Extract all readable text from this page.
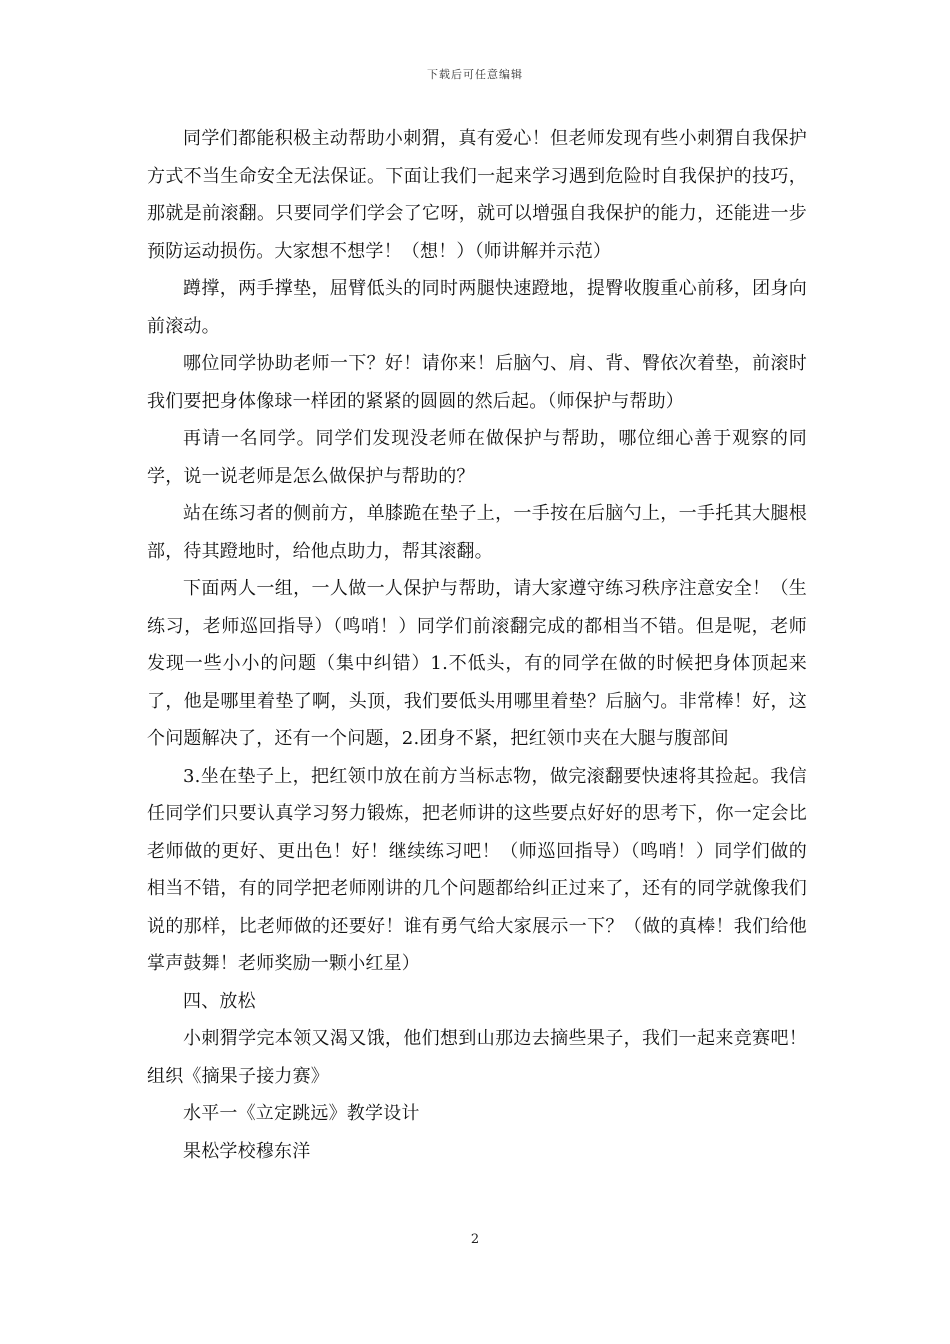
下载后可任意编辑

同学们都能积极主动帮助小刺猬，真有爱心！但老师发现有些小刺猬自我保护方式不当生命安全无法保证。下面让我们一起来学习遇到危险时自我保护的技巧，那就是前滚翻。只要同学们学会了它呀，就可以增强自我保护的能力，还能进一步预防运动损伤。大家想不想学！（想！）（师讲解并示范）

蹲撑，两手撑垫，屈臂低头的同时两腿快速蹬地，提臀收腹重心前移，团身向前滚动。

哪位同学协助老师一下？好！请你来！后脑勺、肩、背、臀依次着垫，前滚时我们要把身体像球一样团的紧紧的圆圆的然后起。（师保护与帮助）

再请一名同学。同学们发现没老师在做保护与帮助，哪位细心善于观察的同学，说一说老师是怎么做保护与帮助的？

站在练习者的侧前方，单膝跪在垫子上，一手按在后脑勺上，一手托其大腿根部，待其蹬地时，给他点助力，帮其滚翻。

下面两人一组，一人做一人保护与帮助，请大家遵守练习秩序注意安全！（生练习，老师巡回指导）（鸣哨！）同学们前滚翻完成的都相当不错。但是呢，老师发现一些小小的问题（集中纠错）1.不低头，有的同学在做的时候把身体顶起来了，他是哪里着垫了啊，头顶，我们要低头用哪里着垫？后脑勺。非常棒！好，这个问题解决了，还有一个问题，2.团身不紧，把红领巾夹在大腿与腹部间

3.坐在垫子上，把红领巾放在前方当标志物，做完滚翻要快速将其捡起。我信任同学们只要认真学习努力锻炼，把老师讲的这些要点好好的思考下，你一定会比老师做的更好、更出色！好！继续练习吧！（师巡回指导）（鸣哨！）同学们做的相当不错，有的同学把老师刚讲的几个问题都给纠正过来了，还有的同学就像我们说的那样，比老师做的还要好！谁有勇气给大家展示一下？（做的真棒！我们给他掌声鼓舞！老师奖励一颗小红星）

四、放松

小刺猬学完本领又渴又饿，他们想到山那边去摘些果子，我们一起来竞赛吧！组织《摘果子接力赛》

水平一《立定跳远》教学设计

果松学校穆东洋

2
